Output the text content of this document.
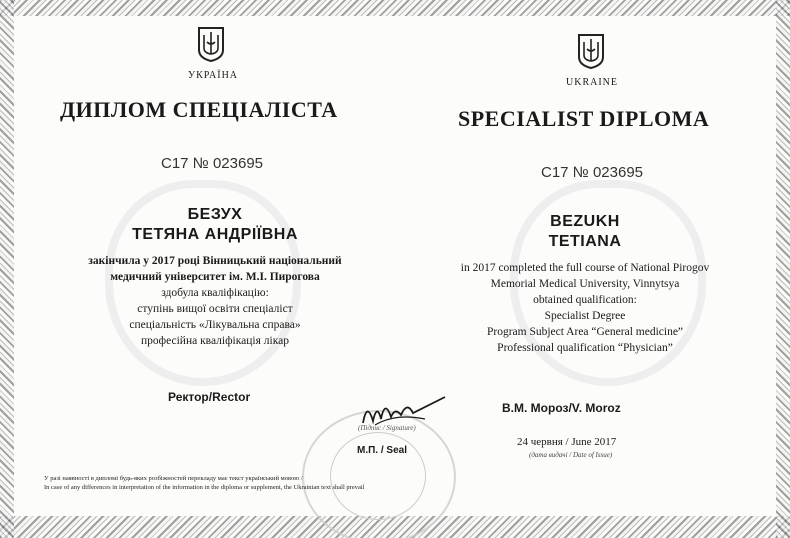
УКРАЇНА
ДИПЛОМ СПЕЦІАЛІСТА
C17 № 023695
БЕЗУХ
ТЕТЯНА АНДРІЇВНА
закінчила у 2017 році Вінницький національний
медичний університет ім. М.І. Пирогова
здобула кваліфікацію:
ступінь вищої освіти спеціаліст
спеціальність «Лікувальна справа»
професійна кваліфікація лікар
Ректор/Rector
UKRAINE
SPECIALIST DIPLOMA
C17 № 023695
BEZUKH
TETIANA
in 2017 completed the full course of National Pirogov
Memorial Medical University, Vinnytsya
obtained qualification:
Specialist Degree
Program Subject Area “General medicine”
Professional qualification “Physician”
В.М. Мороз/V. Moroz
(Підпис / Signature)
М.П. / Seal
24 червня / June 2017
(дата видачі / Date of Issue)
У разі наявності в дипломі будь-яких розбіжностей перекладу має текст український мовою /
In case of any differences in interpretation of the information in the diploma or supplement, the Ukrainian text shall prevail
